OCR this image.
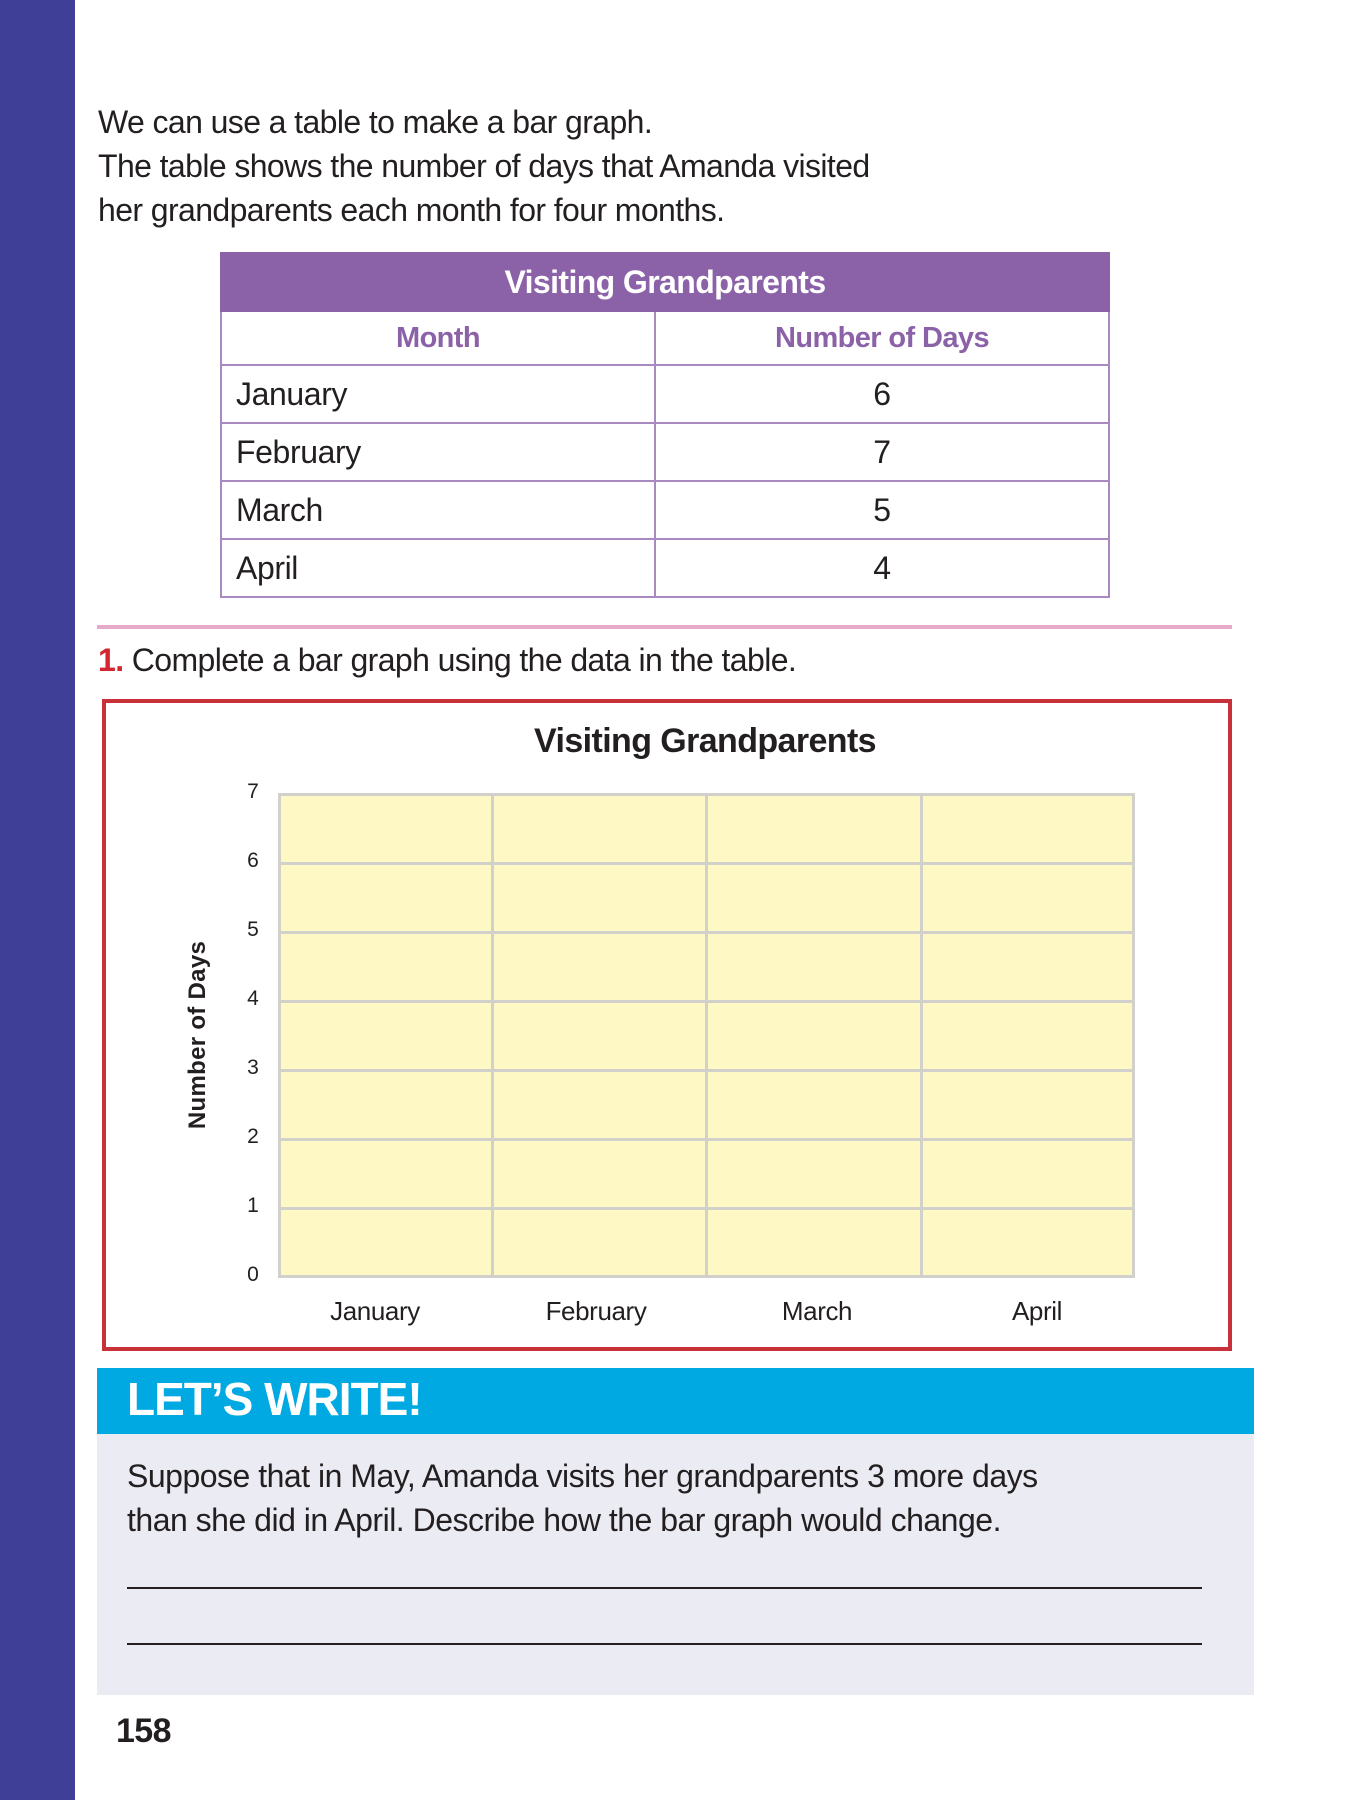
We can use a table to make a bar graph.
The table shows the number of days that Amanda visited
her grandparents each month for four months.
Visiting Grandparents	
Month	Number of Days
January	6
February	7
March	5
April	4
1. Complete a bar graph using the data in the table.
Visiting Grandparents
7
6
5
4
3
2
1
0
Number of Days
January	February	March	April
LET’S WRITE!
Suppose that in May, Amanda visits her grandparents 3 more days
than she did in April. Describe how the bar graph would change.
158
